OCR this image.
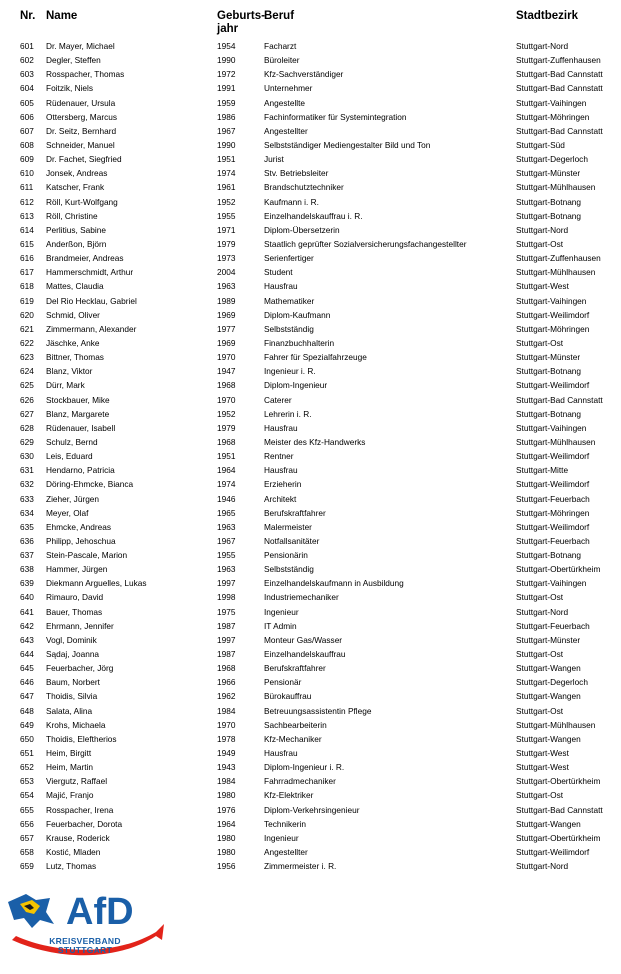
Nr. Name	Geburts-
jahr
Beruf	Stadtbezirk
601 Dr. Mayer, Michael	1954	Facharzt	Stuttgart-Nord
602 Degler, Steffen	1990	Büroleiter	Stuttgart-Zuffenhausen
603 Rosspacher, Thomas	1972	Kfz-Sachverständiger	Stuttgart-Bad Cannstatt
604 Foitzik, Niels	1991	Unternehmer	Stuttgart-Bad Cannstatt
605 Rüdenauer, Ursula	1959	Angestellte	Stuttgart-Vaihingen
606 Ottersberg, Marcus	1986	Fachinformatiker für Systemintegration	Stuttgart-Möhringen
607 Dr. Seitz, Bernhard	1967	Angestellter	Stuttgart-Bad Cannstatt
608 Schneider, Manuel	1990	Selbstständiger Mediengestalter Bild und Ton	Stuttgart-Süd
609 Dr. Fachet, Siegfried	1951	Jurist	Stuttgart-Degerloch
610 Jonsek, Andreas	1974	Stv. Betriebsleiter	Stuttgart-Münster
611 Katscher, Frank	1961	Brandschutztechniker	Stuttgart-Mühlhausen
612 Röll, Kurt-Wolfgang	1952	Kaufmann i. R.	Stuttgart-Botnang
613 Röll, Christine	1955	Einzelhandelskauffrau i. R.	Stuttgart-Botnang
614 Perlitius, Sabine	1971	Diplom-Übersetzerin	Stuttgart-Nord
615 Anderßon, Björn	1979	Staatlich geprüfter Sozialversicherungsfachangestellter	Stuttgart-Ost
616 Brandmeier, Andreas	1973	Serienfertiger	Stuttgart-Zuffenhausen
617 Hammerschmidt, Arthur	2004	Student	Stuttgart-Mühlhausen
618 Mattes, Claudia	1963	Hausfrau	Stuttgart-West
619 Del Rio Hecklau, Gabriel	1989	Mathematiker	Stuttgart-Vaihingen
620 Schmid, Oliver	1969	Diplom-Kaufmann	Stuttgart-Weilimdorf
621 Zimmermann, Alexander	1977	Selbstständig	Stuttgart-Möhringen
622 Jäschke, Anke	1969	Finanzbuchhalterin	Stuttgart-Ost
623 Bittner, Thomas	1970	Fahrer für Spezialfahrzeuge	Stuttgart-Münster
624 Blanz, Viktor	1947	Ingenieur i. R.	Stuttgart-Botnang
625 Dürr, Mark	1968	Diplom-Ingenieur	Stuttgart-Weilimdorf
626 Stockbauer, Mike	1970	Caterer	Stuttgart-Bad Cannstatt
627 Blanz, Margarete	1952	Lehrerin i. R.	Stuttgart-Botnang
628 Rüdenauer, Isabell	1979	Hausfrau	Stuttgart-Vaihingen
629 Schulz, Bernd	1968	Meister des Kfz-Handwerks	Stuttgart-Mühlhausen
630 Leis, Eduard	1951	Rentner	Stuttgart-Weilimdorf
631 Hendarno, Patricia	1964	Hausfrau	Stuttgart-Mitte
632 Döring-Ehmcke, Bianca	1974	Erzieherin	Stuttgart-Weilimdorf
633 Zieher, Jürgen	1946	Architekt	Stuttgart-Feuerbach
634 Meyer, Olaf	1965	Berufskraftfahrer	Stuttgart-Möhringen
635 Ehmcke, Andreas	1963	Malermeister	Stuttgart-Weilimdorf
636 Philipp, Jehoschua	1967	Notfallsanitäter	Stuttgart-Feuerbach
637 Stein-Pascale, Marion	1955	Pensionärin	Stuttgart-Botnang
638 Hammer, Jürgen	1963	Selbstständig	Stuttgart-Obertürkheim
639 Diekmann Arguelles, Lukas	1997	Einzelhandelskaufmann in Ausbildung	Stuttgart-Vaihingen
640 Rimauro, David	1998	Industriemechaniker	Stuttgart-Ost
641 Bauer, Thomas	1975	Ingenieur	Stuttgart-Nord
642 Ehrmann, Jennifer	1987	IT Admin	Stuttgart-Feuerbach
643 Vogl, Dominik	1997	Monteur Gas/Wasser	Stuttgart-Münster
644 Sądaj, Joanna	1987	Einzelhandelskauffrau	Stuttgart-Ost
645 Feuerbacher, Jörg	1968	Berufskraftfahrer	Stuttgart-Wangen
646 Baum, Norbert	1966	Pensionär	Stuttgart-Degerloch
647 Thoidis, Silvia	1962	Bürokauffrau	Stuttgart-Wangen
648 Salata, Alina	1984	Betreuungsassistentin Pflege	Stuttgart-Ost
649 Krohs, Michaela	1970	Sachbearbeiterin	Stuttgart-Mühlhausen
650 Thoidis, Eleftherios	1978	Kfz-Mechaniker	Stuttgart-Wangen
651 Heim, Birgitt	1949	Hausfrau	Stuttgart-West
652 Heim, Martin	1943	Diplom-Ingenieur i. R.	Stuttgart-West
653 Viergutz, Raffael	1984	Fahrradmechaniker	Stuttgart-Obertürkheim
654 Majić, Franjo	1980	Kfz-Elektriker	Stuttgart-Ost
655 Rosspacher, Irena	1976	Diplom-Verkehrsingenieur	Stuttgart-Bad Cannstatt
656 Feuerbacher, Dorota	1964	Technikerin	Stuttgart-Wangen
657 Krause, Roderick	1980	Ingenieur	Stuttgart-Obertürkheim
658 Kostić, Mladen	1980	Angestellter	Stuttgart-Weilimdorf
659 Lutz, Thomas	1956	Zimmermeister i. R.	Stuttgart-Nord
AfD
KREISVERBAND
STUTTGART
